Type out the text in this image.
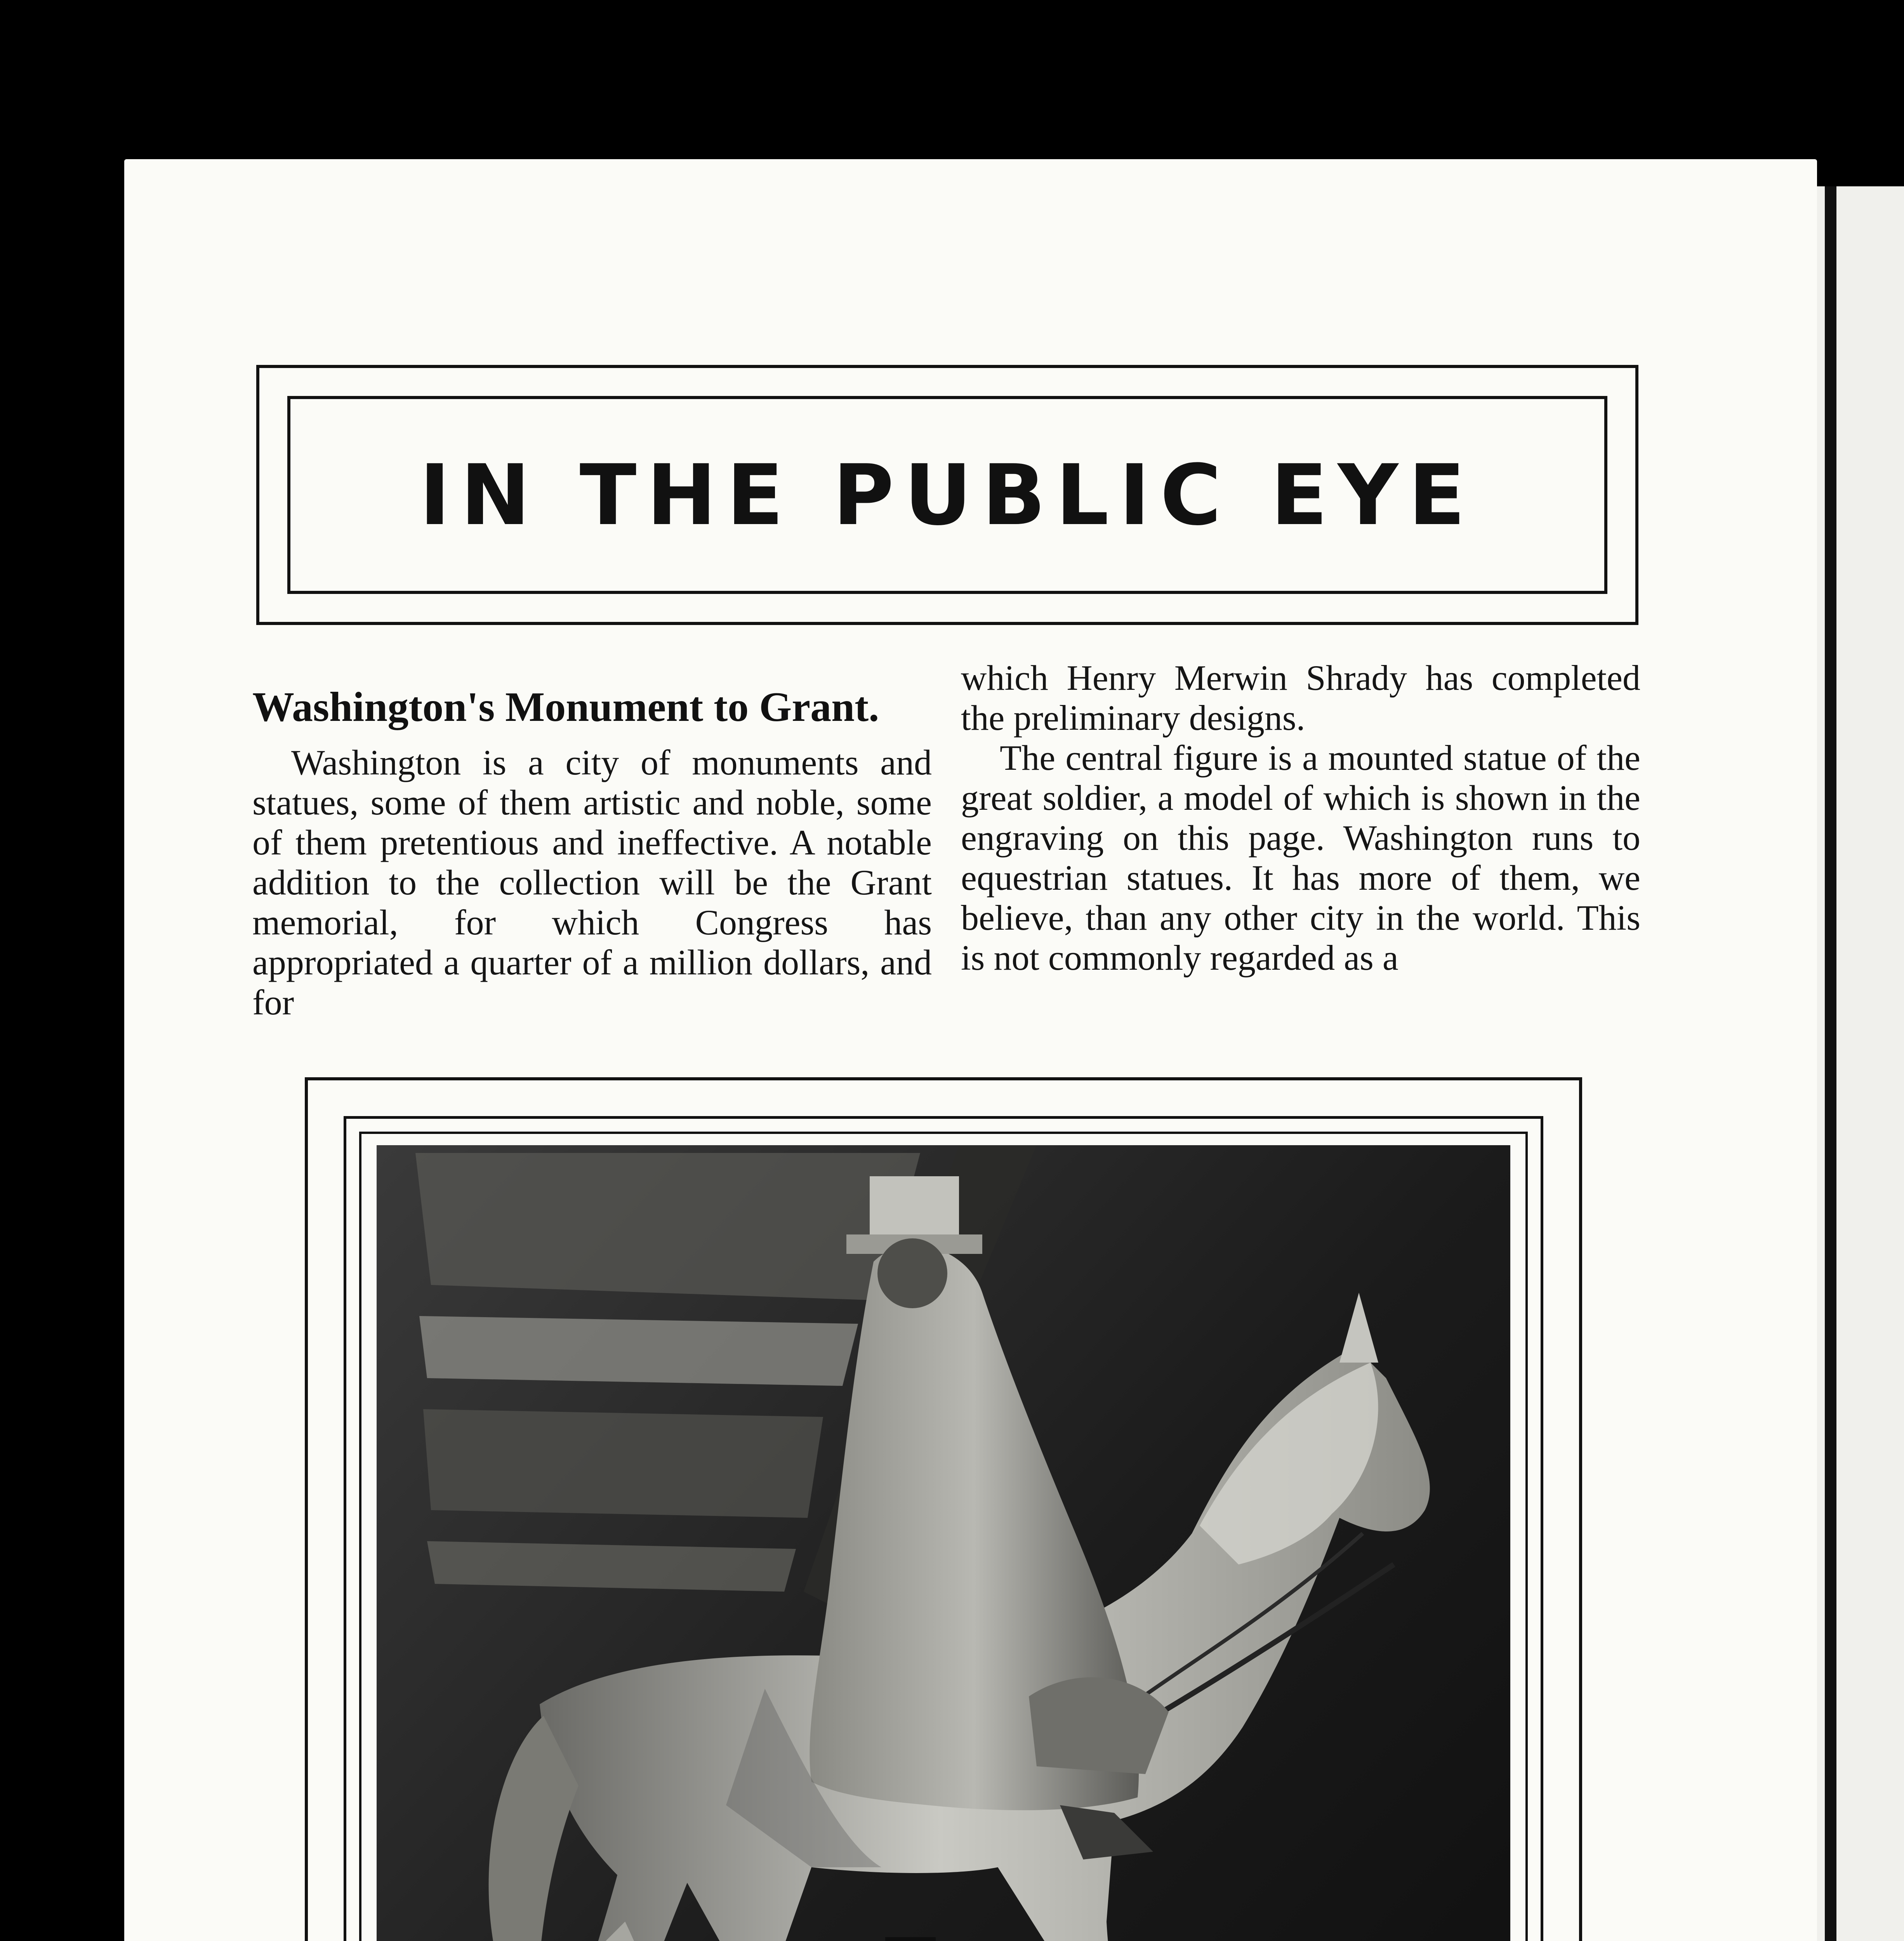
IN THE PUBLIC EYE
Washington's Monument to Grant.

Washington is a city of monuments and statues, some of them artistic and noble, some of them pretentious and ineffective. A notable addition to the collection will be the Grant memorial, for which Congress has appropriated a quarter of a million dollars, and for

which Henry Merwin Shrady has completed the preliminary designs.

The central figure is a mounted statue of the great soldier, a model of which is shown in the engraving on this page. Washington runs to equestrian statues. It has more of them, we believe, than any other city in the world. This is not commonly regarded as a
